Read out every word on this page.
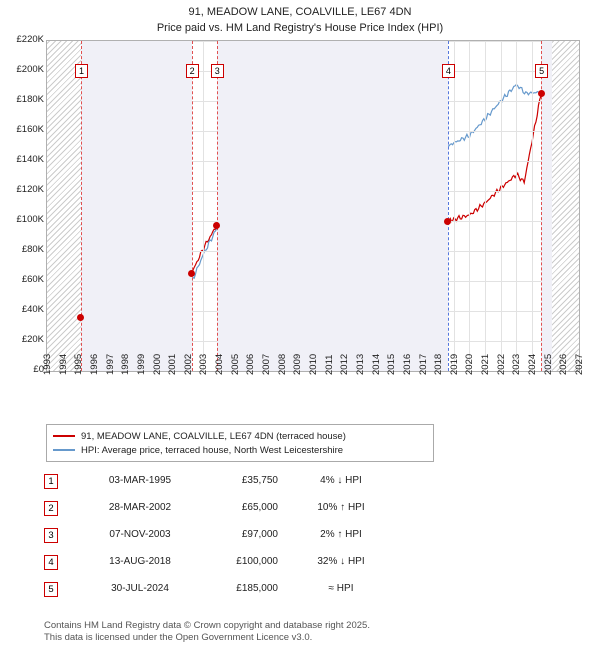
91, MEADOW LANE, COALVILLE, LE67 4DN
Price paid vs. HM Land Registry's House Price Index (HPI)
1	2	3	4	5
£0
£20K
£40K
£60K
£80K
£100K
£120K
£140K
£160K
£180K
£200K
£220K
1993 1994 1995 1996 1997 1998 1999 2000 2001 2002 2003 2004 2005 2006 2007 2008 2009 2010 2011 2012 2013 2014 2015 2016 2017 2018 2019 2020 2021 2022 2023 2024 2025 2026 2027
91, MEADOW LANE, COALVILLE, LE67 4DN (terraced house)
HPI: Average price, terraced house, North West Leicestershire
1	03-MAR-1995	£35,750	4% ↓ HPI
2	28-MAR-2002	£65,000	10% ↑ HPI
3	07-NOV-2003	£97,000	2% ↑ HPI
4	13-AUG-2018	£100,000	32% ↓ HPI
5	30-JUL-2024	£185,000	≈ HPI
Contains HM Land Registry data © Crown copyright and database right 2025.
This data is licensed under the Open Government Licence v3.0.
